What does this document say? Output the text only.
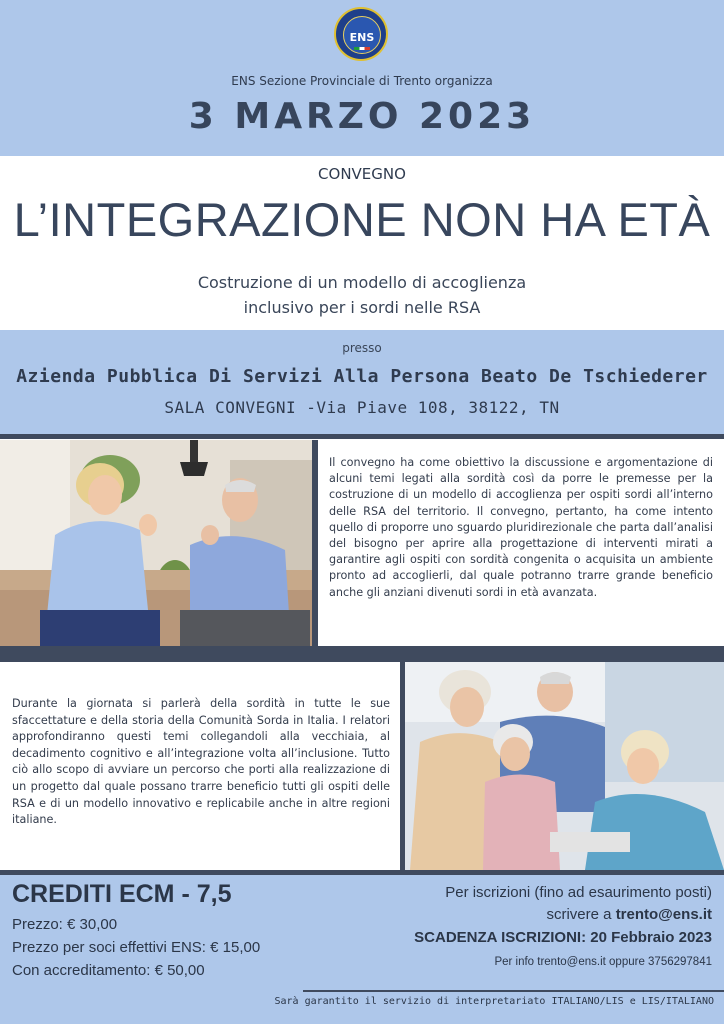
ENS
ENS Sezione Provinciale di Trento organizza
3 MARZO 2023
CONVEGNO
L’INTEGRAZIONE NON HA ETÀ
Costruzione di un modello di accoglienza
inclusivo per i sordi nelle RSA
presso
Azienda Pubblica Di Servizi Alla Persona Beato De Tschiederer
SALA CONVEGNI -Via Piave 108, 38122, TN
Il convegno ha come obiettivo la discussione e argomentazione di alcuni temi legati alla sordità così da porre le premesse per la costruzione di un modello di accoglienza per ospiti sordi all’interno delle RSA del territorio. Il convegno, pertanto, ha come intento quello di proporre uno sguardo pluridirezionale che parta dall’analisi del bisogno per aprire alla progettazione di interventi mirati a garantire agli ospiti con sordità congenita o acquisita un ambiente pronto ad accoglierli, dal quale potranno trarre grande beneficio anche gli anziani divenuti sordi in età avanzata.
Durante la giornata si parlerà della sordità in tutte le sue sfaccettature e della storia della Comunità Sorda in Italia. I relatori approfondiranno questi temi collegandoli alla vecchiaia, al decadimento cognitivo e all’integrazione volta all’inclusione. Tutto ciò allo scopo di avviare un percorso che porti alla realizzazione di un progetto dal quale possano trarre beneficio tutti gli ospiti delle RSA e di un modello innovativo e replicabile anche in altre regioni italiane.
CREDITI ECM - 7,5
Prezzo: € 30,00
Prezzo per soci effettivi ENS: € 15,00
Con accreditamento: € 50,00
Per iscrizioni (fino ad esaurimento posti)
scrivere a trento@ens.it
SCADENZA ISCRIZIONI: 20 Febbraio 2023
Per info trento@ens.it oppure 3756297841
Sarà garantito il servizio di interpretariato ITALIANO/LIS e LIS/ITALIANO
